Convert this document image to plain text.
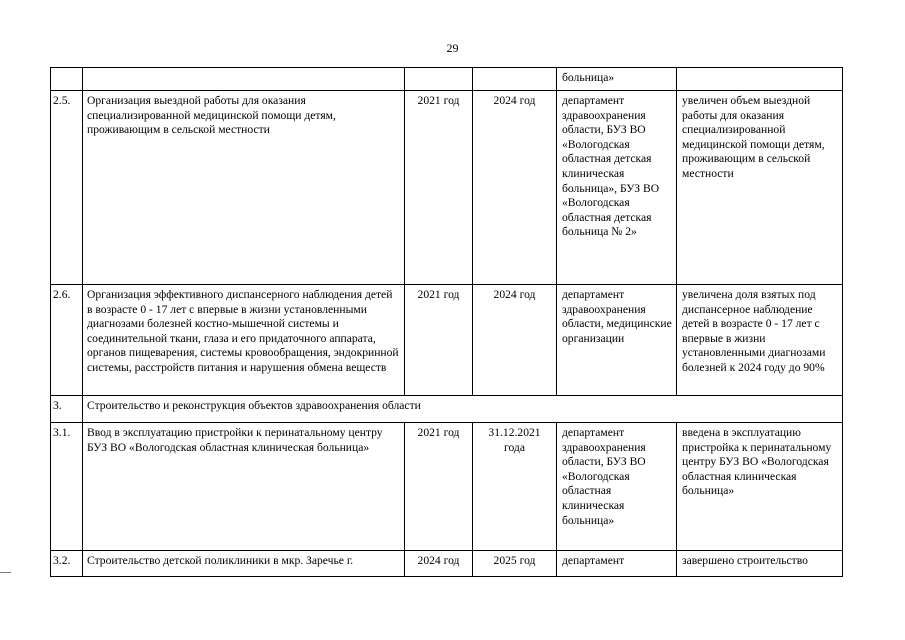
29
				больница»	
2.5.	Организация выездной работы для оказания специализированной медицинской помощи детям, проживающим в сельской местности	2021 год	2024 год	департамент здравоохранения области, БУЗ ВО «Вологодская областная детская клиническая больница», БУЗ ВО «Вологодская областная детская больница № 2»	увеличен объем выездной работы для оказания специализированной медицинской помощи детям, проживающим в сельской местности
2.6.	Организация эффективного диспансерного наблюдения детей в возрасте 0 - 17 лет с впервые в жизни установленными диагнозами болезней костно-мышечной системы и соединительной ткани, глаза и его придаточного аппарата, органов пищеварения, системы кровообращения, эндокринной системы, расстройств питания и нарушения обмена веществ	2021 год	2024 год	департамент здравоохранения области, медицинские организации	увеличена доля взятых под диспансерное наблюдение детей в возрасте 0 - 17 лет с впервые в жизни установленными диагнозами болезней к 2024 году до 90%
3.	Строительство и реконструкция объектов здравоохранения области				
3.1.	Ввод в эксплуатацию пристройки к перинатальному центру БУЗ ВО «Вологодская областная клиническая больница»	2021 год	31.12.2021 года	департамент здравоохранения области, БУЗ ВО «Вологодская областная клиническая больница»	введена в эксплуатацию пристройка к перинатальному центру БУЗ ВО «Вологодская областная клиническая больница»
3.2.	Строительство детской поликлиники в мкр. Заречье г.	2024 год	2025 год	департамент	завершено строительство
—
